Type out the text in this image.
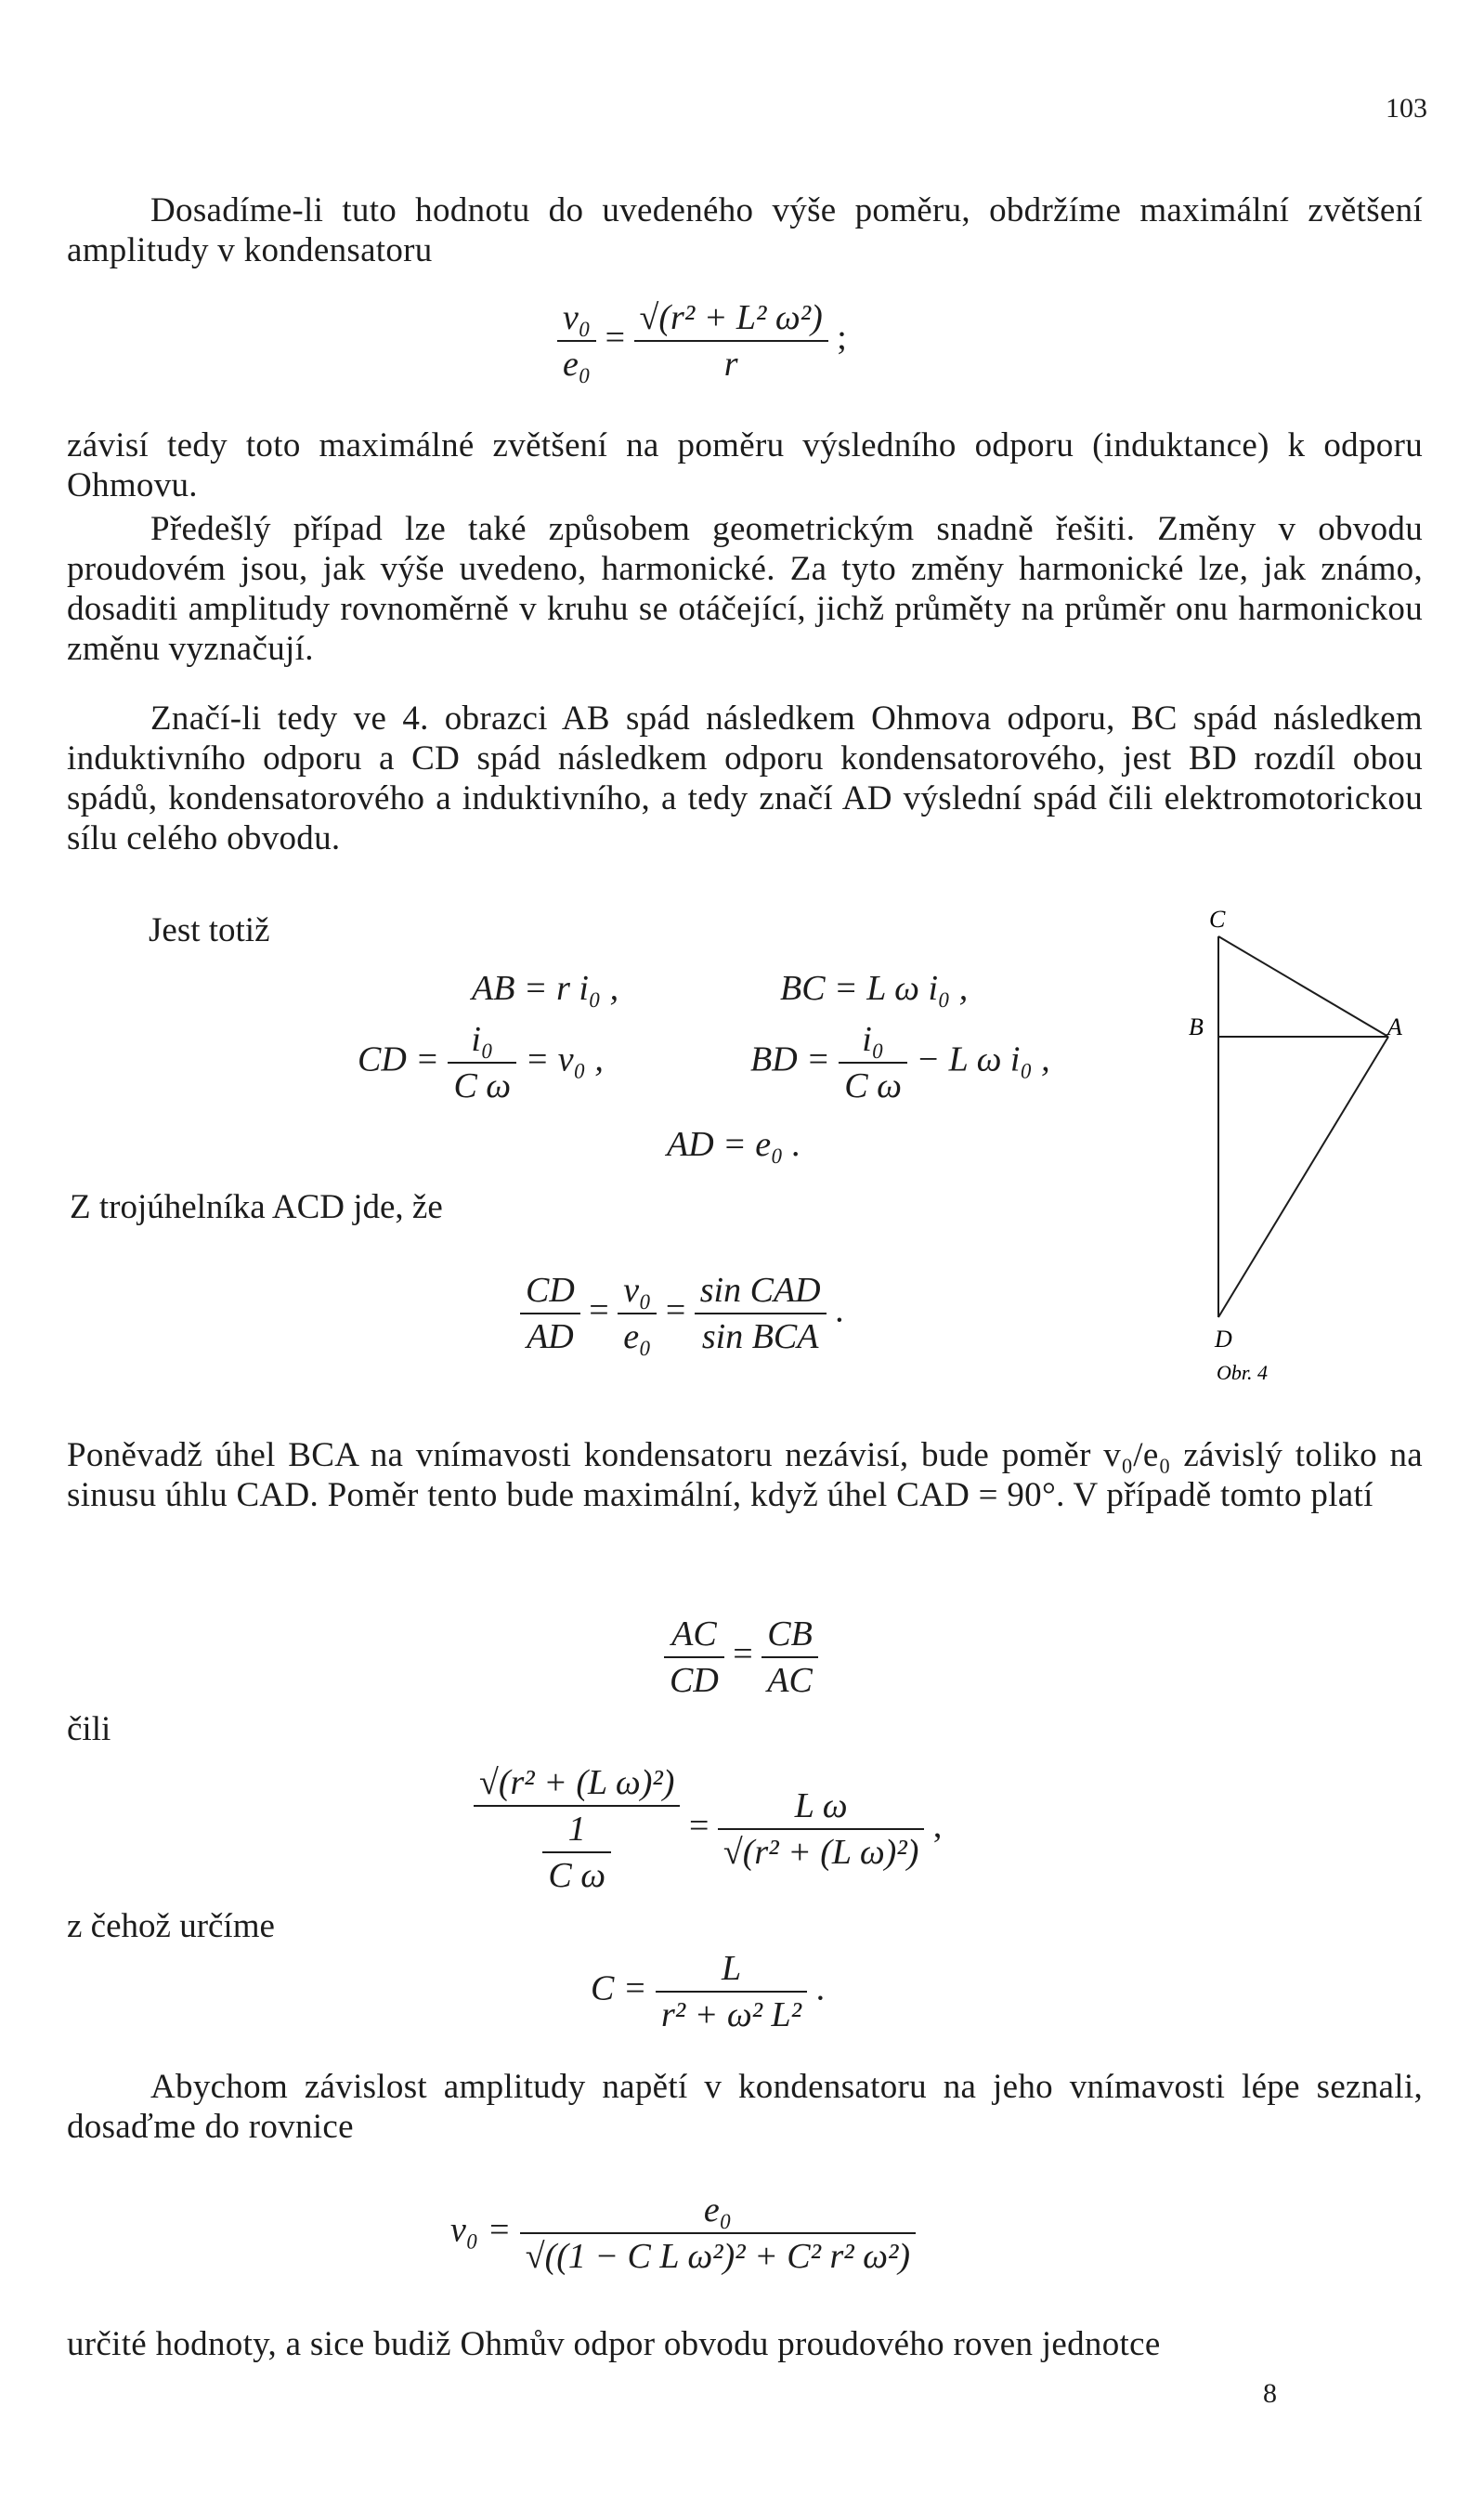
103
Dosadíme-li tuto hodnotu do uvedeného výše poměru, obdržíme maximální zvětšení amplitudy v kondensatoru
$\frac{\text{v₀}}{\text{e₀}} = \frac{\text{√(r² + L² ω²)}}{r}$ ;
závisí tedy toto maximálné zvětšení na poměru výsledního odporu (induktance) k odporu Ohmovu.
Předešlý případ lze také způsobem geometrickým snadně řešiti. Změny v obvodu proudovém jsou, jak výše uvedeno, harmonické. Za tyto změny harmonické lze, jak známo, dosaditi amplitudy rovnoměrně v kruhu se otáčející, jichž průměty na průměr onu harmonickou změnu vyznačují.
Značí-li tedy ve 4. obrazci AB spád následkem Ohmova odporu, BC spád následkem induktivního odporu a CD spád následkem odporu kondensatorového, jest BD rozdíl obou spádů, kondensatorového a induktivního, a tedy značí AD výslední spád čili elektromotorickou sílu celého obvodu.
Jest totiž
AB = r i₀ ,	BC = L ω i₀ ,
CD = $\frac{\text{i₀}}{\text{C ω}} = v_0$ ,	BD = $\frac{\text{i₀}}{\text{C ω}} - L$ ω i₀ ,
AD = e₀ .
Z trojúhelníka ACD jde, že
$\frac{CD}{AD} = \frac{\text{v₀}}{\text{e₀}} = \frac{\text{sin CAD}}{\text{sin BCA}}$ .
Poněvadž úhel BCA na vnímavosti kondensatoru nezávisí, bude poměr v₀/e₀ závislý toliko na sinusu úhlu CAD. Poměr tento bude maximální, když úhel CAD = 90°. V případě tomto platí
$\frac{AC}{CD} = \frac{CB}{AC}$
čili
$\frac{\text{√(r² + (L ω)²)}}{\frac{1}{\text{C ω}}} = \frac{\text{L ω}}{\text{√(r² + (L ω)²)}}$ ,
z čehož určíme
$C = \frac{L}{\text{r² + ω² L²}}$ .
Abychom závislost amplitudy napětí v kondensatoru na jeho vnímavosti lépe seznali, dosaďme do rovnice
$v_0 = \frac{\text{e₀}}{\text{√((1 − C L ω²)² + C² r² ω²)}}$
určité hodnoty, a sice budiž Ohmův odpor obvodu proudového roven jednotce
8
C
B	A
D
Obr. 4
